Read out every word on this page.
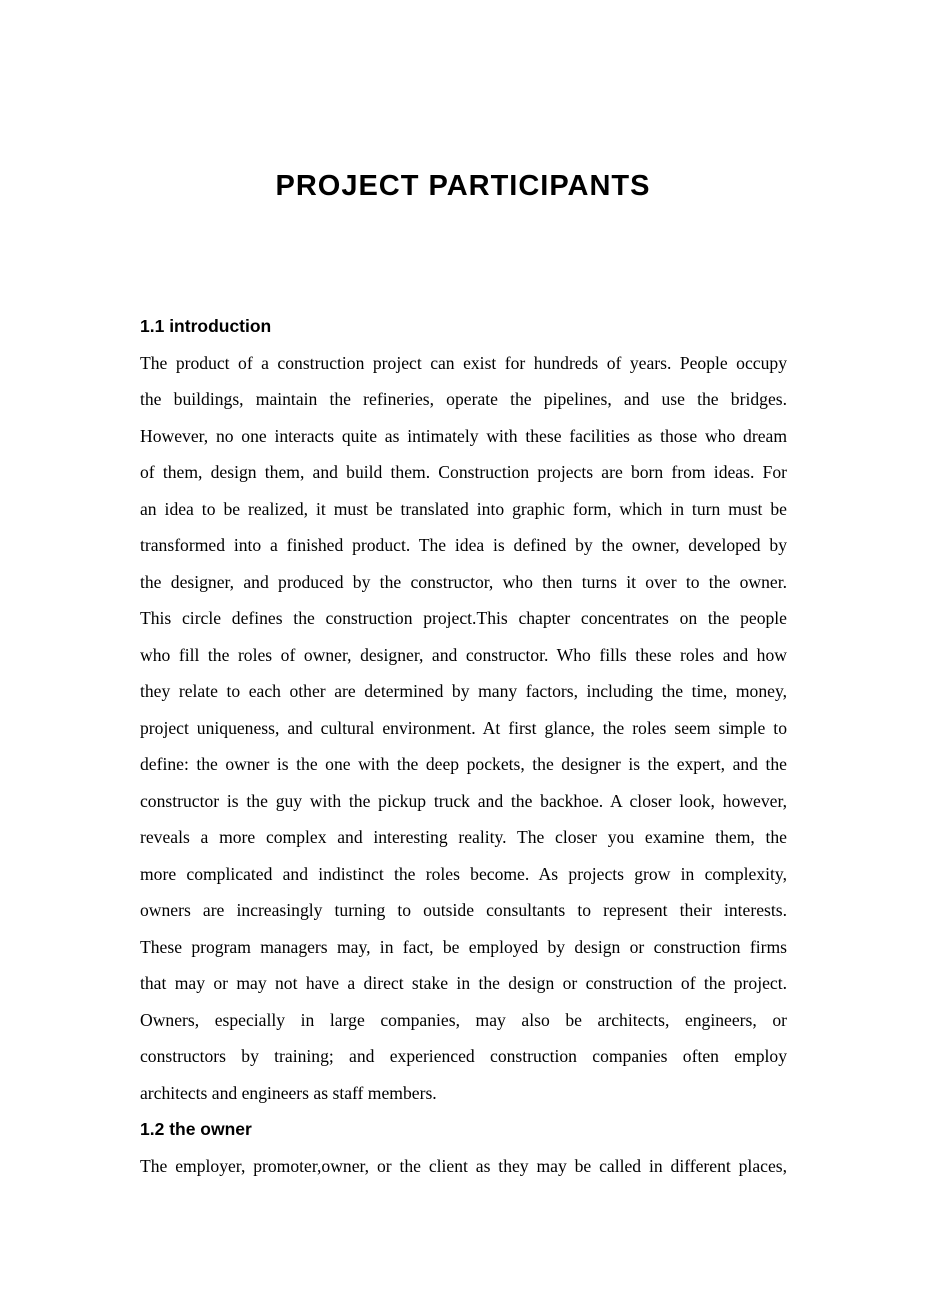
PROJECT PARTICIPANTS
1.1 introduction
The product of a construction project can exist for hundreds of years. People occupy
the buildings, maintain the refineries, operate the pipelines, and use the bridges.
However, no one interacts quite as intimately with these facilities as those who dream
of them, design them, and build them. Construction projects are born from ideas. For
an idea to be realized, it must be translated into graphic form, which in turn must be
transformed into a finished product. The idea is defined by the owner, developed by
the designer, and produced by the constructor, who then turns it over to the owner.
This circle defines the construction project.This chapter concentrates on the people
who fill the roles of owner, designer, and constructor. Who fills these roles and how
they relate to each other are determined by many factors, including the time, money,
project uniqueness, and cultural environment. At first glance, the roles seem simple to
define: the owner is the one with the deep pockets, the designer is the expert, and the
constructor is the guy with the pickup truck and the backhoe. A closer look, however,
reveals a more complex and interesting reality. The closer you examine them, the
more complicated and indistinct the roles become. As projects grow in complexity,
owners are increasingly turning to outside consultants to represent their interests.
These program managers may, in fact, be employed by design or construction firms
that may or may not have a direct stake in the design or construction of the project.
Owners, especially in large companies, may also be architects, engineers, or
constructors by training; and experienced construction companies often employ
architects and engineers as staff members.
1.2 the owner
The employer, promoter,owner, or the client as they may be called in different places,
